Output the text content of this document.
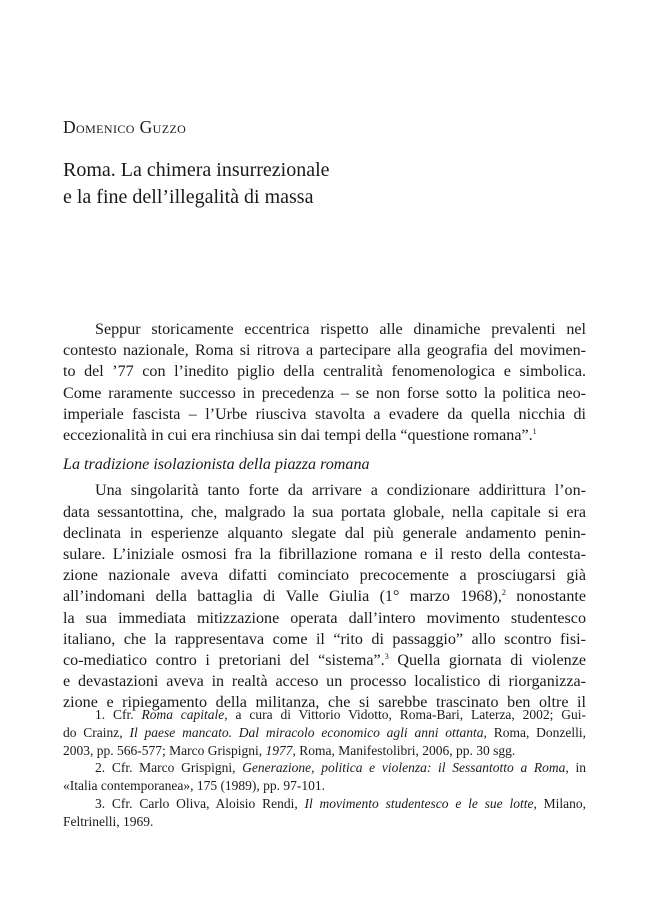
Domenico Guzzo
Roma. La chimera insurrezionale
e la fine dell’illegalità di massa
Seppur storicamente eccentrica rispetto alle dinamiche prevalenti nel
contesto nazionale, Roma si ritrova a partecipare alla geografia del movimen-
to del ’77 con l’inedito piglio della centralità fenomenologica e simbolica.
Come raramente successo in precedenza – se non forse sotto la politica neo-
imperiale fascista – l’Urbe riusciva stavolta a evadere da quella nicchia di
eccezionalità in cui era rinchiusa sin dai tempi della “questione romana”.$^1$
La tradizione isolazionista della piazza romana
Una singolarità tanto forte da arrivare a condizionare addirittura l’on-
data sessantottina, che, malgrado la sua portata globale, nella capitale si era
declinata in esperienze alquanto slegate dal più generale andamento penin-
sulare. L’iniziale osmosi fra la fibrillazione romana e il resto della contesta-
zione nazionale aveva difatti cominciato precocemente a prosciugarsi già
all’indomani della battaglia di Valle Giulia (1° marzo 1968),$^2$ nonostante
la sua immediata mitizzazione operata dall’intero movimento studentesco
italiano, che la rappresentava come il “rito di passaggio” allo scontro fisi-
co-mediatico contro i pretoriani del “sistema”.$^3$ Quella giornata di violenze
e devastazioni aveva in realtà acceso un processo localistico di riorganizza-
zione e ripiegamento della militanza, che si sarebbe trascinato ben oltre il
1. Cfr. Roma capitale, a cura di Vittorio Vidotto, Roma-Bari, Laterza, 2002; Gui-
do Crainz, Il paese mancato. Dal miracolo economico agli anni ottanta, Roma, Donzelli,
2003, pp. 566-577; Marco Grispigni, 1977, Roma, Manifestolibri, 2006, pp. 30 sgg.
2. Cfr. Marco Grispigni, Generazione, politica e violenza: il Sessantotto a Roma, in
«Italia contemporanea», 175 (1989), pp. 97-101.
3. Cfr. Carlo Oliva, Aloisio Rendi, Il movimento studentesco e le sue lotte, Milano,
Feltrinelli, 1969.
